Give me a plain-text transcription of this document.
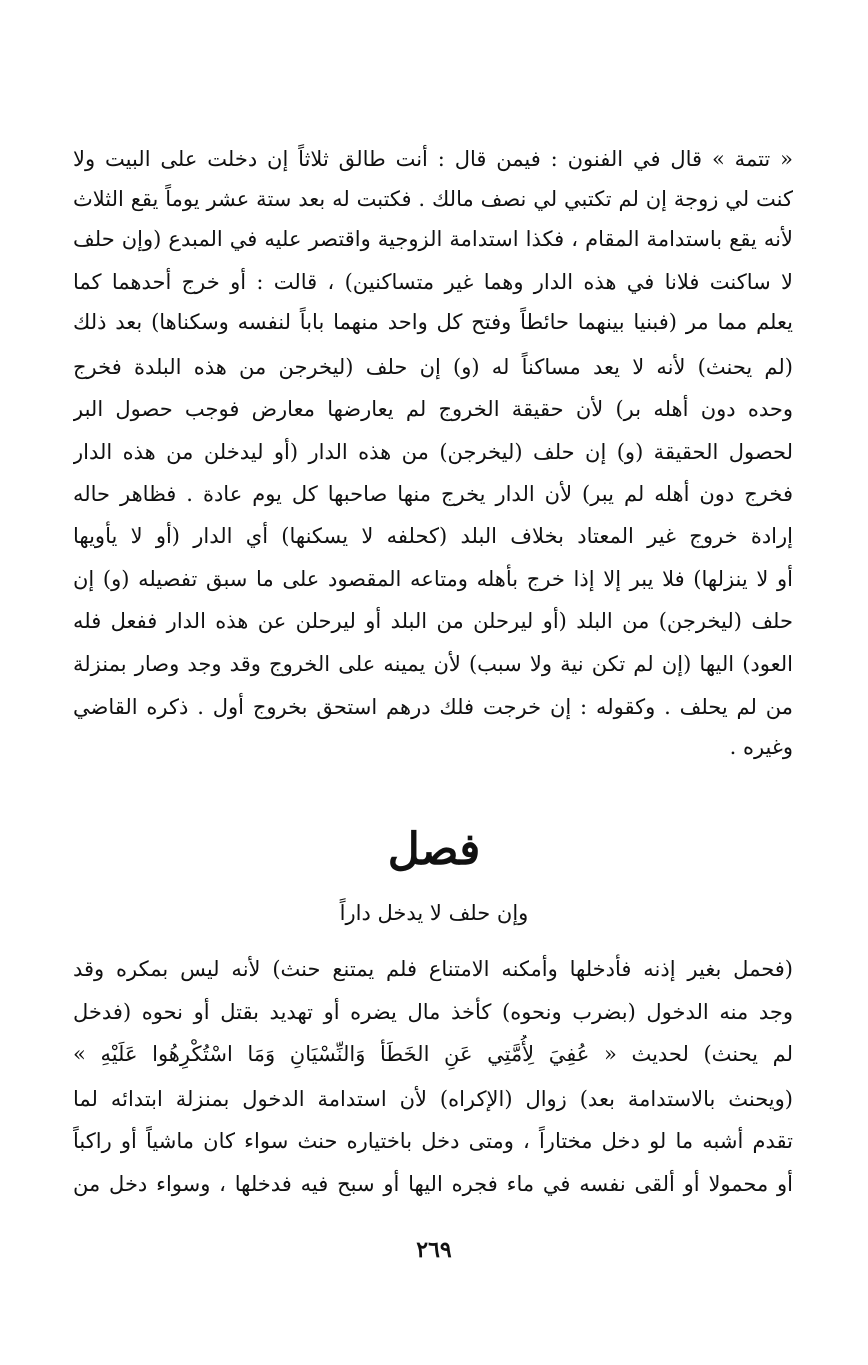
« تتمة » قال في الفنون : فيمن قال : أنت طالق ثلاثاً إن دخلت على البيت ولا
كنت لي زوجة إن لم تكتبي لي نصف مالك . فكتبت له بعد ستة عشر يوماً يقع الثلاث
لأنه يقع باستدامة المقام ، فكذا استدامة الزوجية واقتصر عليه في المبدع (وإن حلف
لا ساكنت فلانا في هذه الدار وهما غير متساكنين) ، قالت : أو خرج أحدهما كما
يعلم مما مر (فبنيا بينهما حائطاً وفتح كل واحد منهما باباً لنفسه وسكناها) بعد ذلك
(لم يحنث) لأنه لا يعد مساكناً له (و) إن حلف (ليخرجن من هذه البلدة فخرج
وحده دون أهله بر) لأن حقيقة الخروج لم يعارضها معارض فوجب حصول البر
لحصول الحقيقة (و) إن حلف (ليخرجن) من هذه الدار (أو ليدخلن من هذه الدار
فخرج دون أهله لم يبر) لأن الدار يخرج منها صاحبها كل يوم عادة . فظاهر حاله
إرادة خروج غير المعتاد بخلاف البلد (كحلفه لا يسكنها) أي الدار (أو لا يأويها
أو لا ينزلها) فلا يبر إلا إذا خرج بأهله ومتاعه المقصود على ما سبق تفصيله (و) إن
حلف (ليخرجن) من البلد (أو ليرحلن من البلد أو ليرحلن عن هذه الدار ففعل فله
العود) اليها (إن لم تكن نية ولا سبب) لأن يمينه على الخروج وقد وجد وصار بمنزلة
من لم يحلف . وكقوله : إن خرجت فلك درهم استحق بخروج أول . ذكره القاضي
وغيره .
فصل
وإن حلف لا يدخل داراً
(فحمل بغير إذنه فأدخلها وأمكنه الامتناع فلم يمتنع حنث) لأنه ليس بمكره وقد
وجد منه الدخول (بضرب ونحوه) كأخذ مال يضره أو تهديد بقتل أو نحوه (فدخل
لم يحنث) لحديث « عُفِيَ لِأُمَّتِي عَنِ الخَطَأ وَالنِّسْيَانِ وَمَا اسْتُكْرِهُوا عَلَيْهِ »
(ويحنث بالاستدامة بعد) زوال (الإكراه) لأن استدامة الدخول بمنزلة ابتدائه لما
تقدم أشبه ما لو دخل مختاراً ، ومتى دخل باختياره حنث سواء كان ماشياً أو راكباً
أو محمولا أو ألقى نفسه في ماء فجره اليها أو سبح فيه فدخلها ، وسواء دخل من
٢٦٩
